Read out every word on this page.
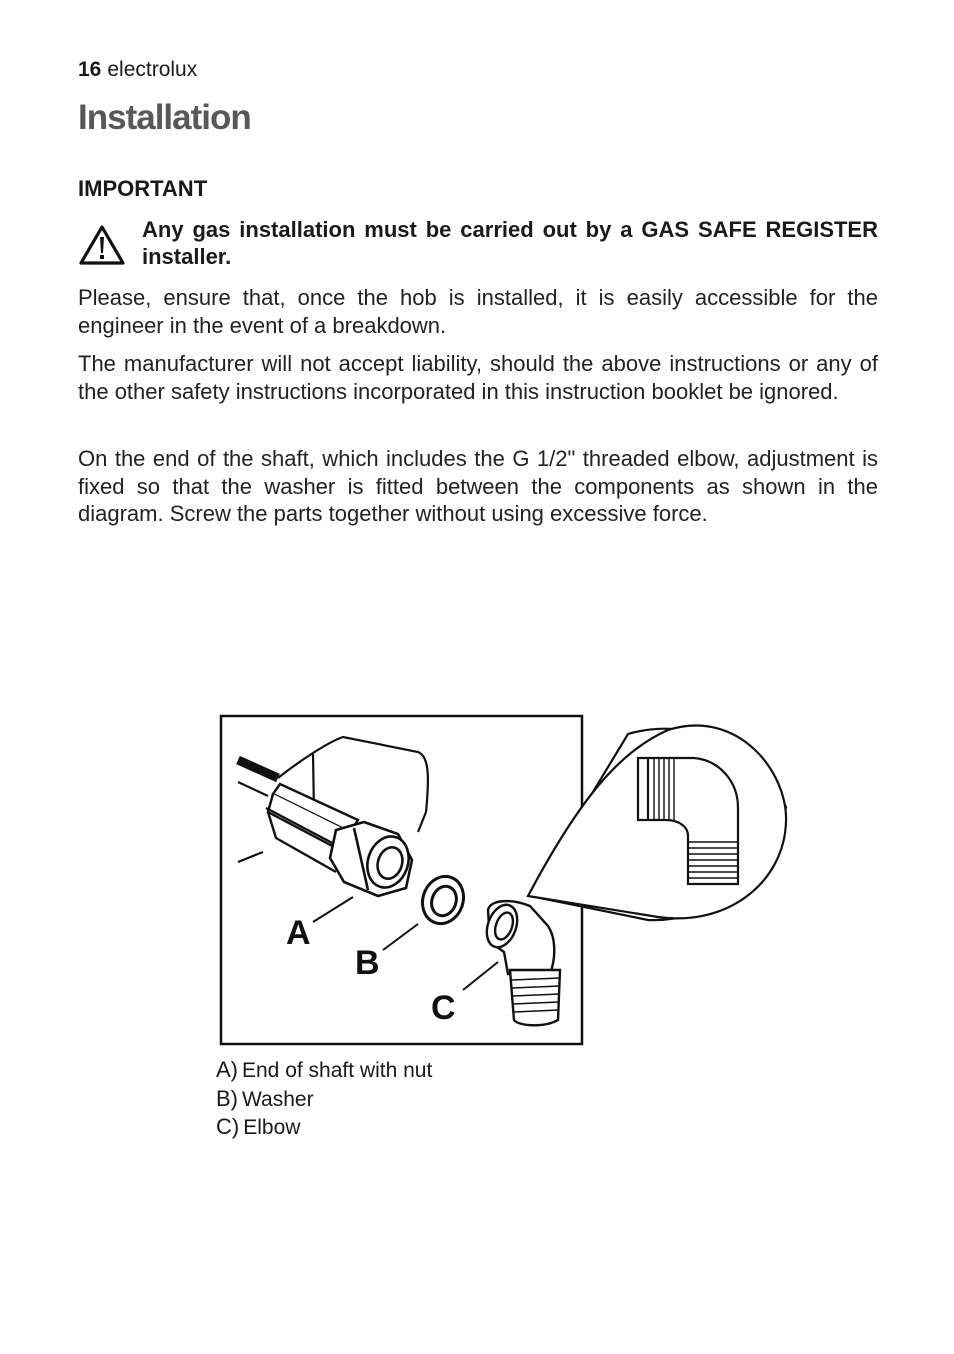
16 electrolux
Installation
IMPORTANT

Any gas installation must be carried out by a GAS SAFE REGISTER installer.

Please, ensure that, once the hob is installed, it is easily accessible for the engineer in the event of a breakdown.

The manufacturer will not accept liability, should the above instructions or any of the other safety instructions incorporated in this instruction booklet be ignored.

On the end of the shaft, which includes the G 1/2" threaded elbow, adjustment is fixed so that the washer is fitted between the components as shown in the diagram. Screw the parts together without using excessive force.

A
B
C
A) End of shaft with nut
B) Washer
C) Elbow
